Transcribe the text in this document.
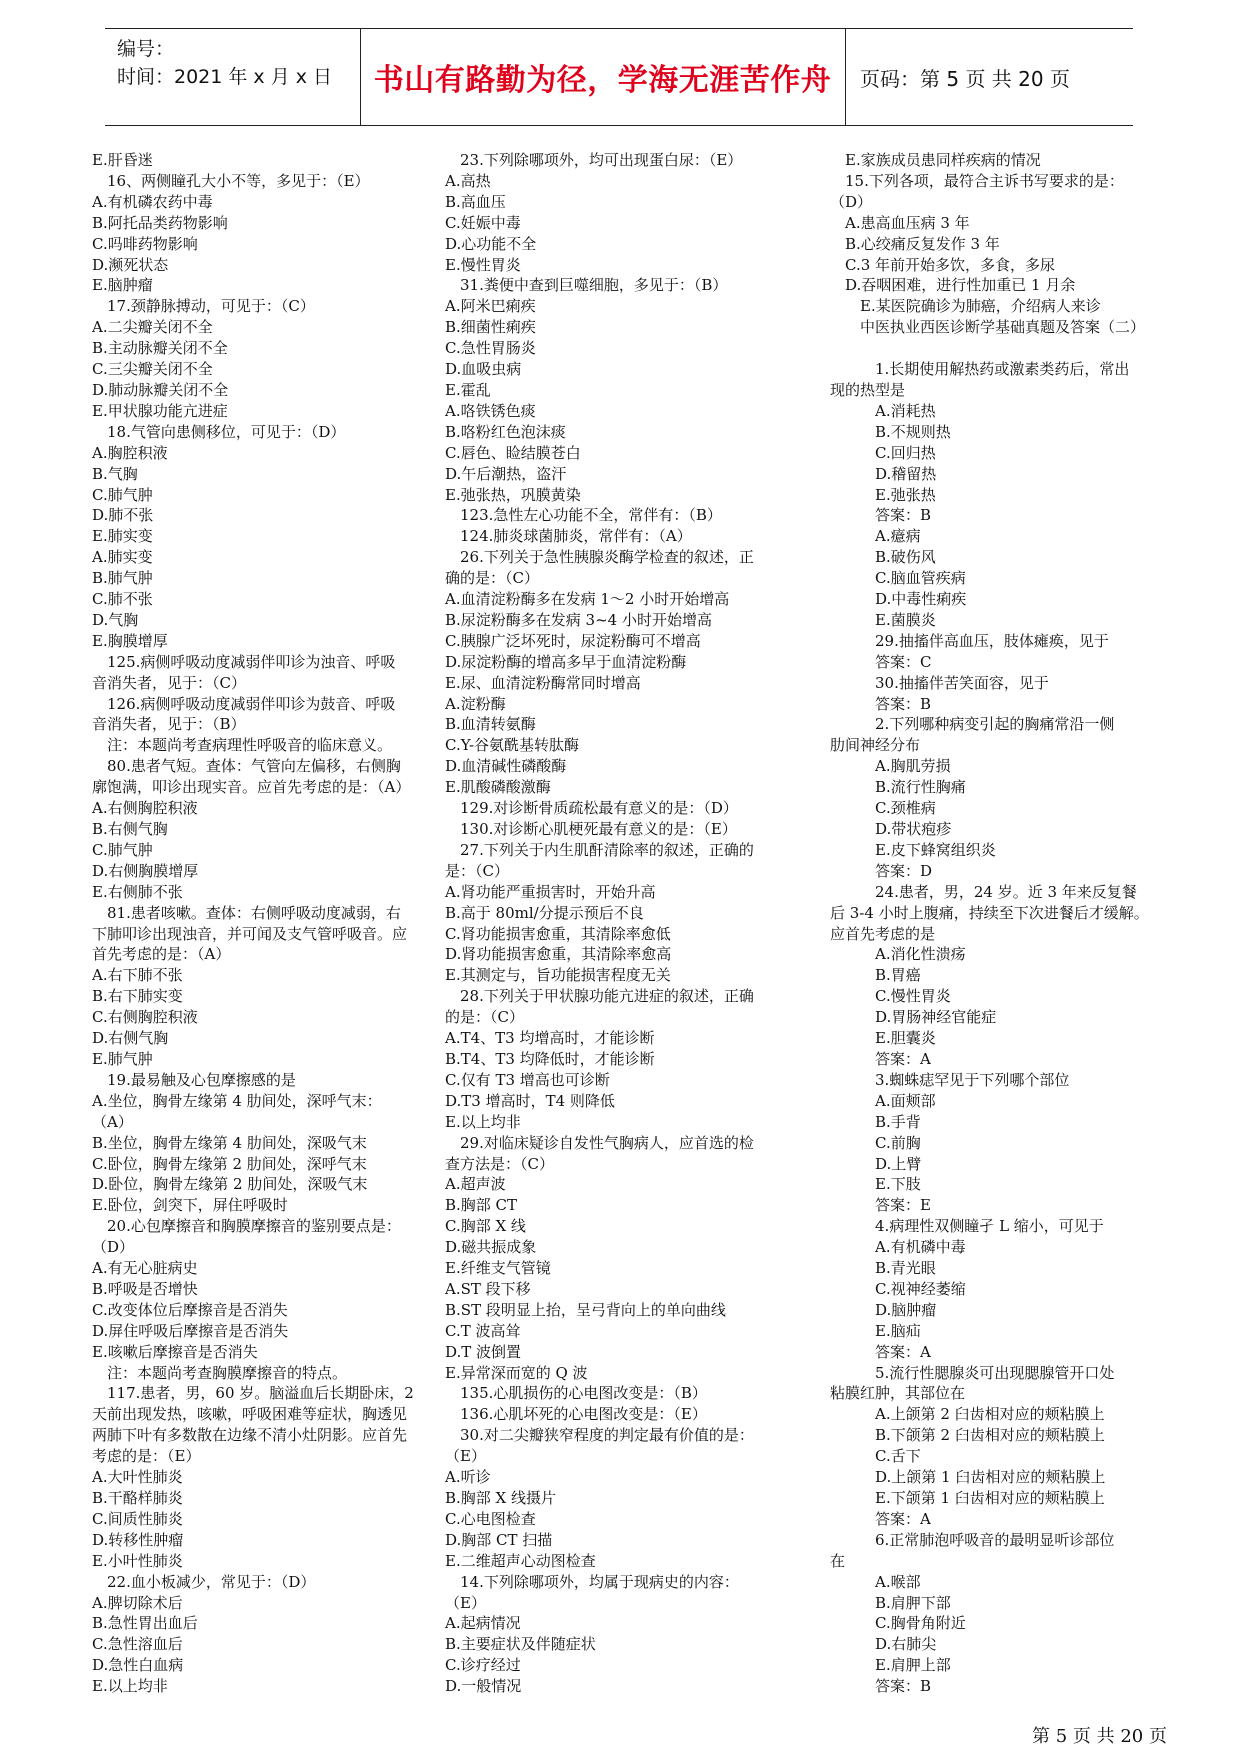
编号：
时间：2021 年 x 月 x 日	书山有路勤为径，学海无涯苦作舟	页码：第 5 页 共 20 页
E.肝昏迷
　16、两侧瞳孔大小不等，多见于：（E）
A.有机磷农药中毒
B.阿托品类药物影响
C.吗啡药物影响
D.濒死状态
E.脑肿瘤
　17.颈静脉搏动，可见于：（C）
A.二尖瓣关闭不全
B.主动脉瓣关闭不全
C.三尖瓣关闭不全
D.肺动脉瓣关闭不全
E.甲状腺功能亢进症
　18.气管向患侧移位，可见于：（D）
A.胸腔积液
B.气胸
C.肺气肿
D.肺不张
E.肺实变
A.肺实变
B.肺气肿
C.肺不张
D.气胸
E.胸膜增厚
　125.病侧呼吸动度减弱伴叩诊为浊音、呼吸
音消失者，见于：（C）
　126.病侧呼吸动度减弱伴叩诊为鼓音、呼吸
音消失者，见于：（B）
　注：本题尚考查病理性呼吸音的临床意义。
　80.患者气短。查体：气管向左偏移，右侧胸
廓饱满，叩诊出现实音。应首先考虑的是：（A）
A.右侧胸腔积液
B.右侧气胸
C.肺气肿
D.右侧胸膜增厚
E.右侧肺不张
　81.患者咳嗽。查体：右侧呼吸动度减弱，右
下肺叩诊出现浊音，并可闻及支气管呼吸音。应
首先考虑的是：（A）
A.右下肺不张
B.右下肺实变
C.右侧胸腔积液
D.右侧气胸
E.肺气肿
　19.最易触及心包摩擦感的是
A.坐位，胸骨左缘第 4 肋间处，深呼气末：
（A）
B.坐位，胸骨左缘第 4 肋间处，深吸气末
C.卧位，胸骨左缘第 2 肋间处，深呼气末
D.卧位，胸骨左缘第 2 肋间处，深吸气末
E.卧位，剑突下，屏住呼吸时
　20.心包摩擦音和胸膜摩擦音的鉴别要点是：
（D）
A.有无心脏病史
B.呼吸是否增快
C.改变体位后摩擦音是否消失
D.屏住呼吸后摩擦音是否消失
E.咳嗽后摩擦音是否消失
　注：本题尚考查胸膜摩擦音的特点。
　117.患者，男，60 岁。脑溢血后长期卧床，2
天前出现发热，咳嗽，呼吸困难等症状，胸透见
两肺下叶有多数散在边缘不清小灶阴影。应首先
考虑的是：（E）
A.大叶性肺炎
B.干酪样肺炎
C.间质性肺炎
D.转移性肿瘤
E.小叶性肺炎
　22.血小板减少，常见于：（D）
A.脾切除术后
B.急性胃出血后
C.急性溶血后
D.急性白血病
E.以上均非
　23.下列除哪项外，均可出现蛋白尿：（E）
A.高热
B.高血压
C.妊娠中毒
D.心功能不全
E.慢性胃炎
　31.粪便中查到巨噬细胞，多见于：（B）
A.阿米巴痢疾
B.细菌性痢疾
C.急性胃肠炎
D.血吸虫病
E.霍乱
A.咯铁锈色痰
B.咯粉红色泡沫痰
C.唇色、睑结膜苍白
D.午后潮热，盗汗
E.弛张热，巩膜黄染
　123.急性左心功能不全，常伴有：（B）
　124.肺炎球菌肺炎，常伴有：（A）
　26.下列关于急性胰腺炎酶学检查的叙述，正
确的是：（C）
A.血清淀粉酶多在发病 1～2 小时开始增高
B.尿淀粉酶多在发病 3~4 小时开始增高
C.胰腺广泛坏死时，尿淀粉酶可不增高
D.尿淀粉酶的增高多早于血清淀粉酶
E.尿、血清淀粉酶常同时增高
A.淀粉酶
B.血清转氨酶
C.Y-谷氨酰基转肽酶
D.血清碱性磷酸酶
E.肌酸磷酸激酶
　129.对诊断骨质疏松最有意义的是：（D）
　130.对诊断心肌梗死最有意义的是：（E）
　27.下列关于内生肌酐清除率的叙述，正确的
是：（C）
A.肾功能严重损害时，开始升高
B.高于 80ml/分提示预后不良
C.肾功能损害愈重，其清除率愈低
D.肾功能损害愈重，其清除率愈高
E.其测定与，旨功能损害程度无关
　28.下列关于甲状腺功能亢进症的叙述，正确
的是：（C）
A.T4、T3 均增高时，才能诊断
B.T4、T3 均降低时，才能诊断
C.仅有 T3 增高也可诊断
D.T3 增高时，T4 则降低
E.以上均非
　29.对临床疑诊自发性气胸病人，应首选的检
查方法是：（C）
A.超声波
B.胸部 CT
C.胸部 X 线
D.磁共振成象
E.纤维支气管镜
A.ST 段下移
B.ST 段明显上抬，呈弓背向上的单向曲线
C.T 波高耸
D.T 波倒置
E.异常深而宽的 Q 波
　135.心肌损伤的心电图改变是：（B）
　136.心肌坏死的心电图改变是：（E）
　30.对二尖瓣狭窄程度的判定最有价值的是：
（E）
A.听诊
B.胸部 X 线摄片
C.心电图检查
D.胸部 CT 扫描
E.二维超声心动图检查
　14.下列除哪项外，均属于现病史的内容：
（E）
A.起病情况
B.主要症状及伴随症状
C.诊疗经过
D.一般情况
　E.家族成员患同样疾病的情况
　15.下列各项，最符合主诉书写要求的是：
（D）
　A.患高血压病 3 年
　B.心绞痛反复发作 3 年
　C.3 年前开始多饮，多食，多尿
　D.吞咽困难，进行性加重已 1 月余
　　E.某医院确诊为肺癌，介绍病人来诊
　　中医执业西医诊断学基础真题及答案（二）

　　　1.长期使用解热药或激素类药后，常出
现的热型是
　　　A.消耗热
　　　B.不规则热
　　　C.回归热
　　　D.稽留热
　　　E.弛张热
　　　答案：B
　　　A.癔病
　　　B.破伤风
　　　C.脑血管疾病
　　　D.中毒性痢疾
　　　E.菌膜炎
　　　29.抽搐伴高血压，肢体瘫痪，见于
　　　答案：C
　　　30.抽搐伴苦笑面容，见于
　　　答案：B
　　　2.下列哪种病变引起的胸痛常沿一侧
肋间神经分布
　　　A.胸肌劳损
　　　B.流行性胸痛
　　　C.颈椎病
　　　D.带状疱疹
　　　E.皮下蜂窝组织炎
　　　答案：D
　　　24.患者，男，24 岁。近 3 年来反复餐
后 3-4 小时上腹痛，持续至下次进餐后才缓解。
应首先考虑的是
　　　A.消化性溃疡
　　　B.胃癌
　　　C.慢性胃炎
　　　D.胃肠神经官能症
　　　E.胆囊炎
　　　答案：A
　　　3.蜘蛛痣罕见于下列哪个部位
　　　A.面颊部
　　　B.手背
　　　C.前胸
　　　D.上臂
　　　E.下肢
　　　答案：E
　　　4.病理性双侧瞳孑 L 缩小，可见于
　　　A.有机磷中毒
　　　B.青光眼
　　　C.视神经萎缩
　　　D.脑肿瘤
　　　E.脑疝
　　　答案：A
　　　5.流行性腮腺炎可出现腮腺管开口处
粘膜红肿，其部位在
　　　A.上颌第 2 臼齿相对应的颊粘膜上
　　　B.下颌第 2 臼齿相对应的颊粘膜上
　　　C.舌下
　　　D.上颌第 1 臼齿相对应的颊粘膜上
　　　E.下颌第 1 臼齿相对应的颊粘膜上
　　　答案：A
　　　6.正常肺泡呼吸音的最明显听诊部位
在
　　　A.喉部
　　　B.肩胛下部
　　　C.胸骨角附近
　　　D.右肺尖
　　　E.肩胛上部
　　　答案：B
第 5 页 共 20 页
